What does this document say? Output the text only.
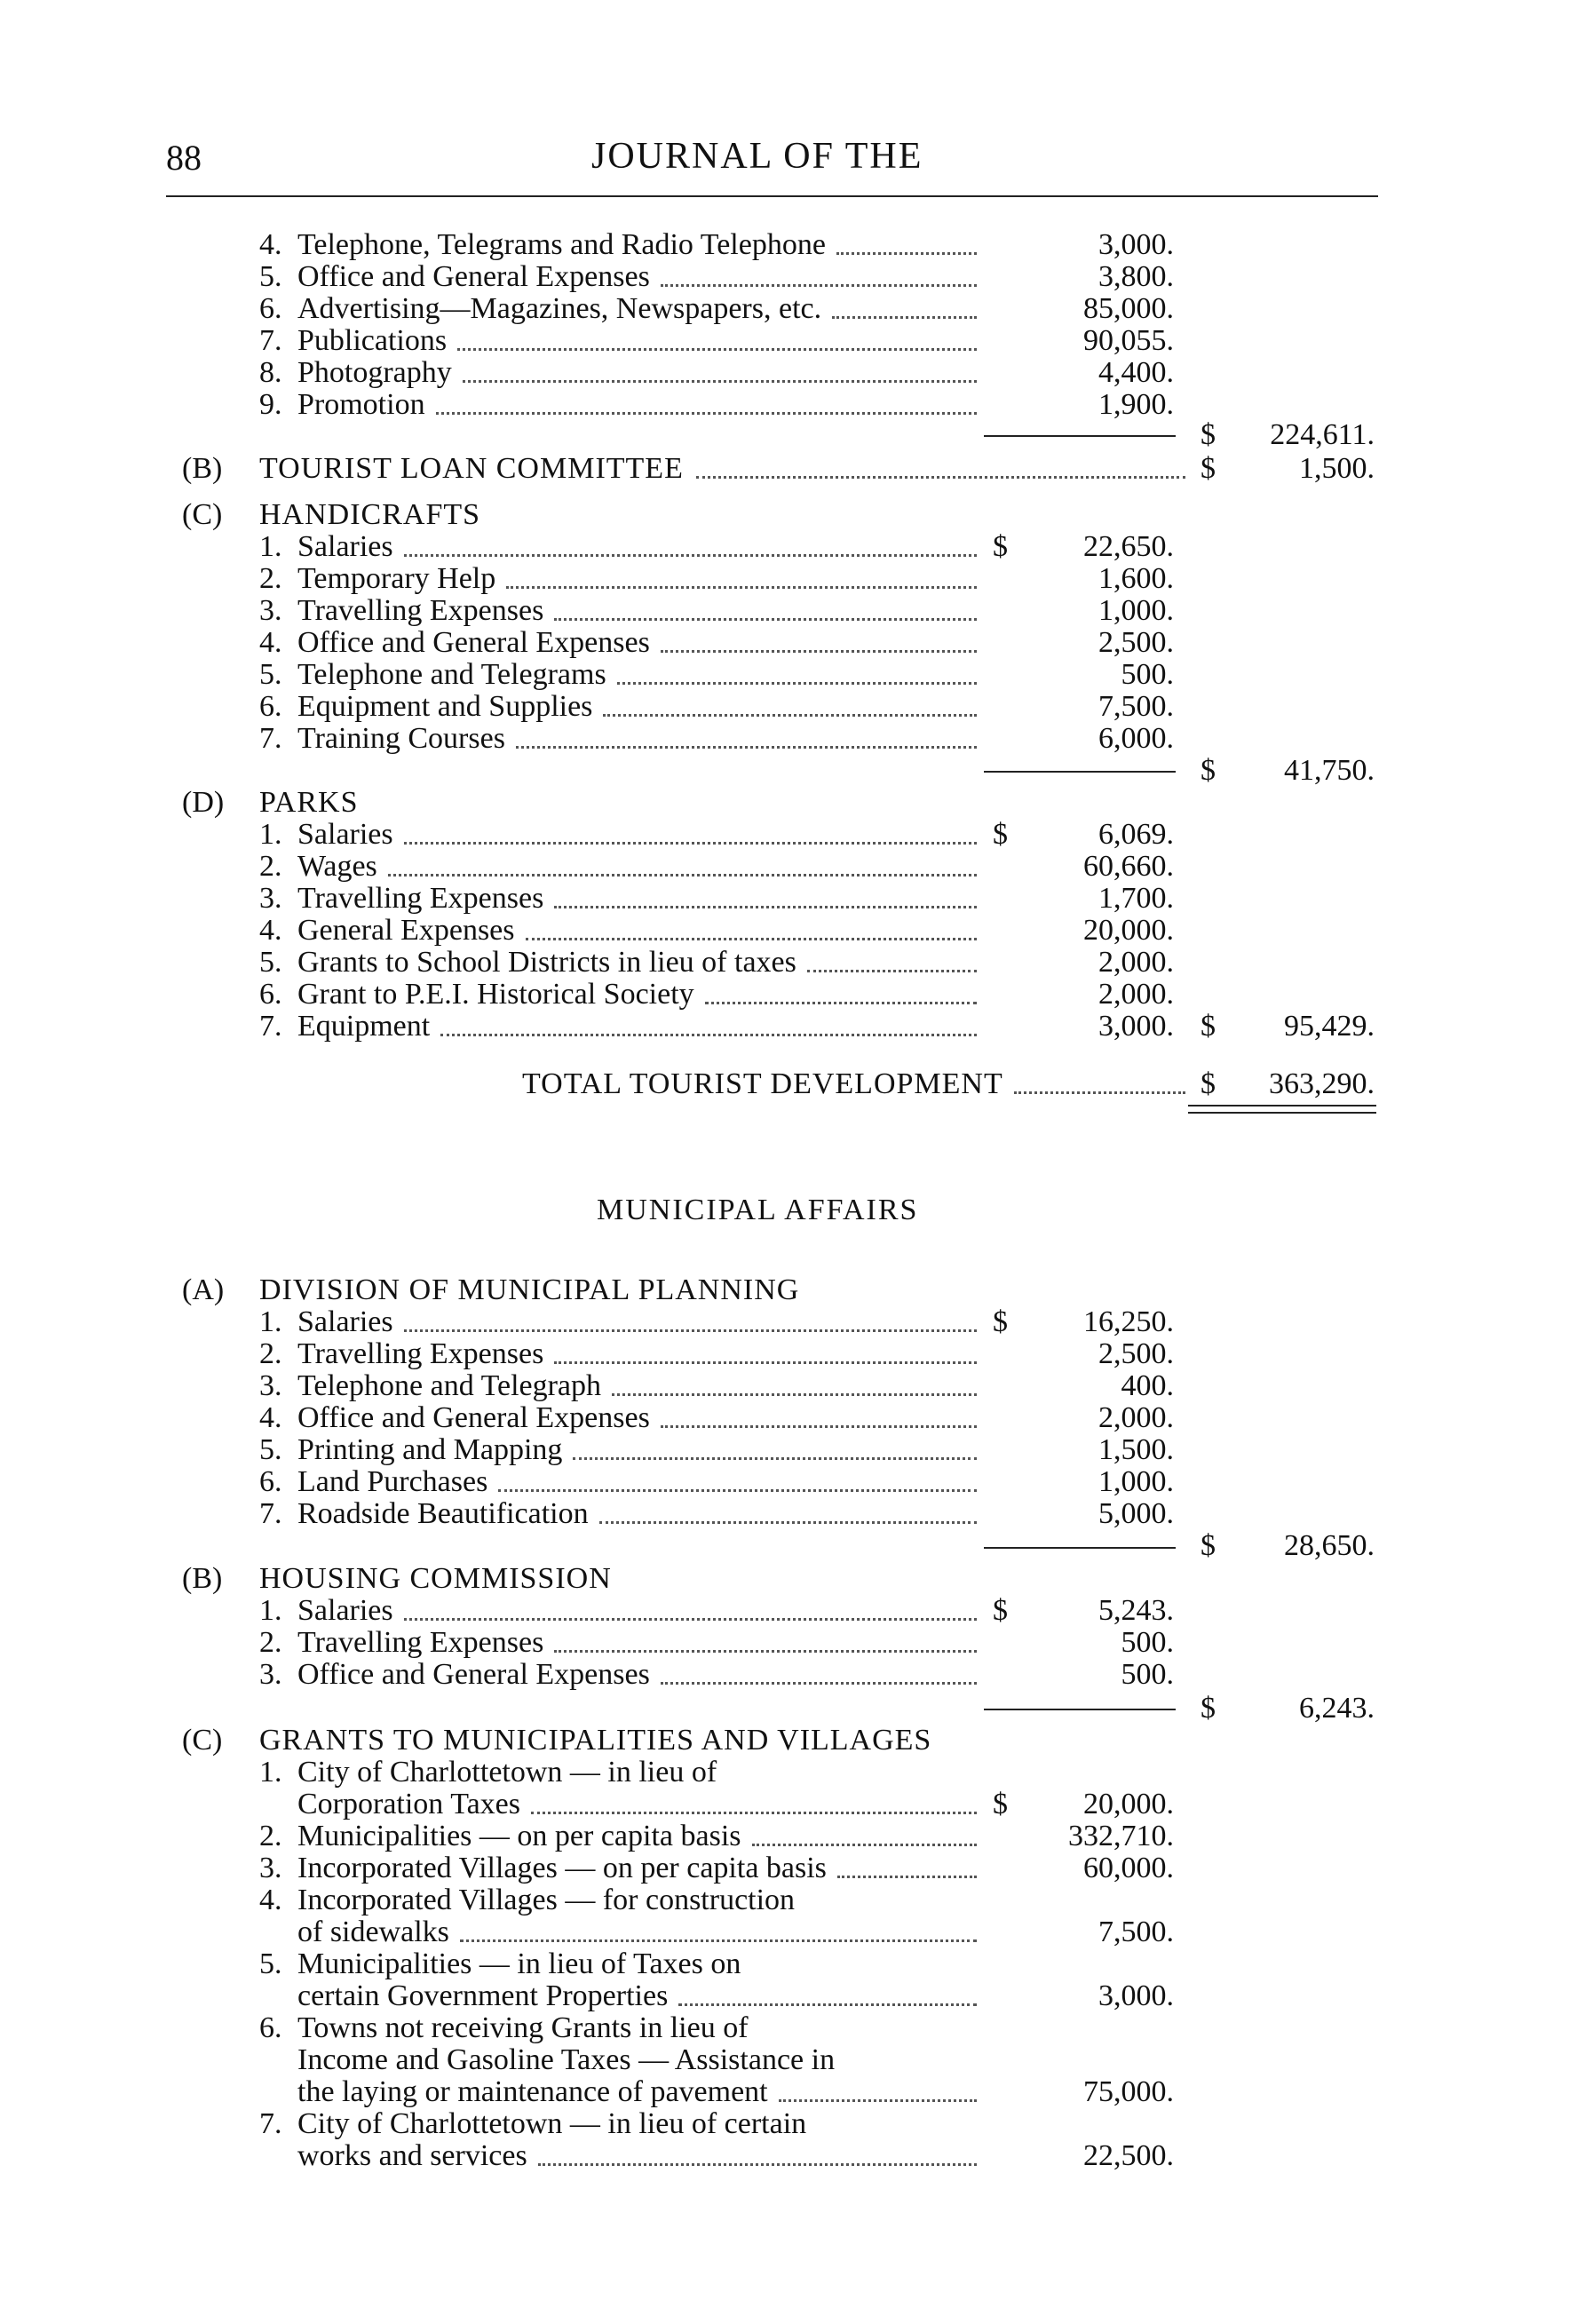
88	JOURNAL OF THE
4. Telephone, Telegrams and Radio Telephone	3,000.
5. Office and General Expenses	3,800.
6. Advertising—Magazines, Newspapers, etc.	85,000.
7. Publications	90,055.
8. Photography	4,400.
9. Promotion	1,900.
$ 224,611.
(B) TOURIST LOAN COMMITTEE	$	1,500.
(C) HANDICRAFTS
1. Salaries	$	22,650.
2. Temporary Help	1,600.
3. Travelling Expenses	1,000.
4. Office and General Expenses	2,500.
5. Telephone and Telegrams	500.
6. Equipment and Supplies	7,500.
7. Training Courses	6,000.
$ 41,750.
(D) PARKS
1. Salaries	$	6,069.
2. Wages	60,660.
3. Travelling Expenses	1,700.
4. General Expenses	20,000.
5. Grants to School Districts in lieu of taxes	2,000.
6. Grant to P.E.I. Historical Society	2,000.
7. Equipment	3,000. $ 95,429.
TOTAL TOURIST DEVELOPMENT	$ 363,290.
MUNICIPAL AFFAIRS
(A) DIVISION OF MUNICIPAL PLANNING
1. Salaries	$	16,250.
2. Travelling Expenses	2,500.
3. Telephone and Telegraph	400.
4. Office and General Expenses	2,000.
5. Printing and Mapping	1,500.
6. Land Purchases	1,000.
7. Roadside Beautification	5,000.
$ 28,650.
(B) HOUSING COMMISSION
1. Salaries	$	5,243.
2. Travelling Expenses	500.
3. Office and General Expenses	500.
$	6,243.
(C) GRANTS TO MUNICIPALITIES AND VILLAGES
1. City of Charlottetown — in lieu of
Corporation Taxes	$	20,000.
2. Municipalities — on per capita basis	332,710.
3. Incorporated Villages — on per capita basis	60,000.
4. Incorporated Villages — for construction
of sidewalks	7,500.
5. Municipalities — in lieu of Taxes on
certain Government Properties	3,000.
6. Towns not receiving Grants in lieu of
Income and Gasoline Taxes — Assistance in
the laying or maintenance of pavement	75,000.
7. City of Charlottetown — in lieu of certain
works and services	22,500.
